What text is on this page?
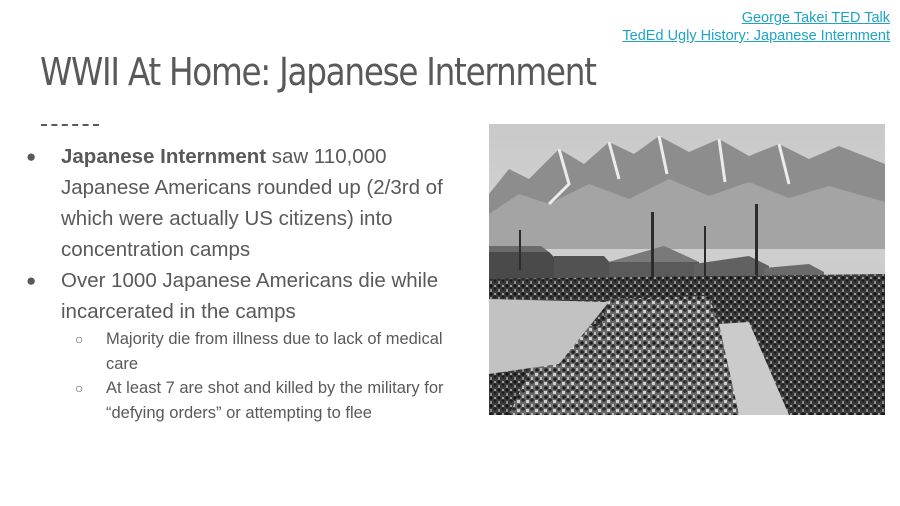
George Takei TED Talk
TedEd Ugly History: Japanese Internment
WWII At Home: Japanese Internment

● Japanese Internment saw 110,000 Japanese Americans rounded up (2/3rd of which were actually US citizens) into concentration camps

● Over 1000 Japanese Americans die while incarcerated in the camps

○ Majority die from illness due to lack of medical care

○ At least 7 are shot and killed by the military for “defying orders” or attempting to flee
